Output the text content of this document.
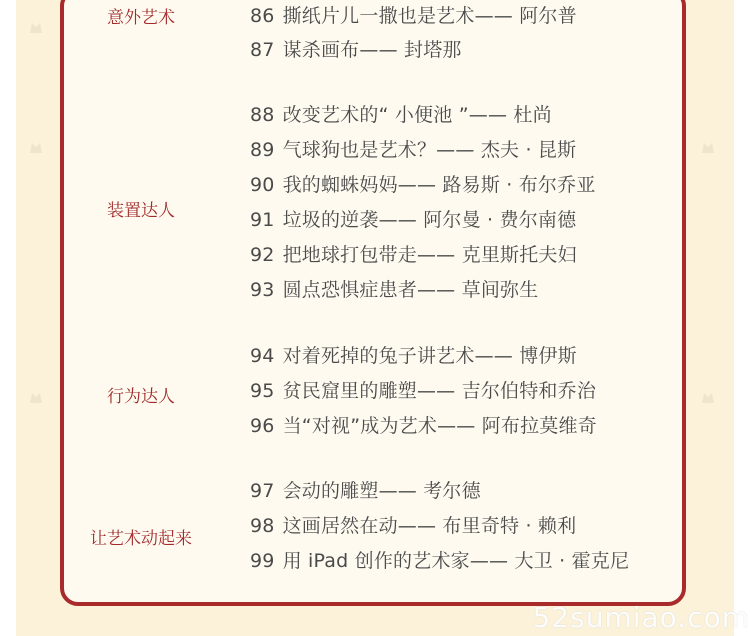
意外艺术	86 撕纸片儿一撒也是艺术—— 阿尔普
87 谋杀画布—— 封塔那
装置达人
88 改变艺术的“ 小便池 ”—— 杜尚
89 气球狗也是艺术？—— 杰夫 · 昆斯
90 我的蜘蛛妈妈—— 路易斯 · 布尔乔亚
91 垃圾的逆袭—— 阿尔曼 · 费尔南德
92 把地球打包带走—— 克里斯托夫妇
93 圆点恐惧症患者—— 草间弥生
行为达人
94 对着死掉的兔子讲艺术—— 博伊斯
95 贫民窟里的雕塑—— 吉尔伯特和乔治
96 当“对视”成为艺术—— 阿布拉莫维奇
让艺术动起来
97 会动的雕塑—— 考尔德
98 这画居然在动—— 布里奇特 · 赖利
99 用 iPad 创作的艺术家—— 大卫 · 霍克尼
52sumiao.com
